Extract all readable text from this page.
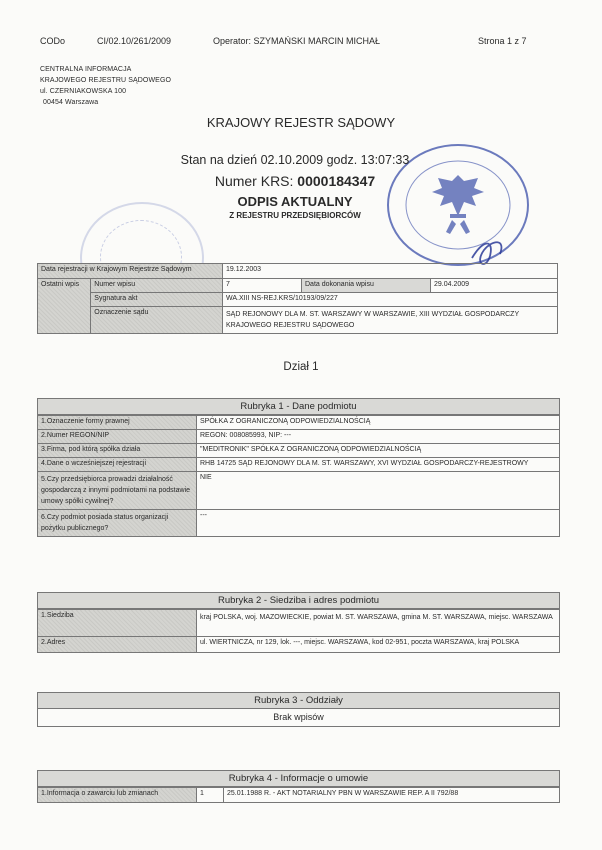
CODo	CI/02.10/261/2009	Operator: SZYMAŃSKI MARCIN MICHAŁ	Strona 1 z 7
CENTRALNA INFORMACJA
KRAJOWEGO REJESTRU SĄDOWEGO
ul. CZERNIAKOWSKA 100
00454 Warszawa
KRAJOWY REJESTR SĄDOWY
Stan na dzień 02.10.2009 godz. 13:07:33
Numer KRS: 0000184347
ODPIS AKTUALNY
Z REJESTRU PRZEDSIĘBIORCÓW
Data rejestracji w Krajowym Rejestrze Sądowym		19.12.2003		
Ostatni wpis	Numer wpisu	7	Data dokonania wpisu	29.04.2009
	Sygnatura akt	WA.XIII NS-REJ.KRS/10193/09/227		
	Oznaczenie sądu	SĄD REJONOWY DLA M. ST. WARSZAWY W WARSZAWIE, XIII WYDZIAŁ GOSPODARCZY KRAJOWEGO REJESTRU SĄDOWEGO		
Dział 1
Rubryka 1 - Dane podmiotu
1.Oznaczenie formy prawnej	SPÓŁKA Z OGRANICZONĄ ODPOWIEDZIALNOŚCIĄ
2.Numer REGON/NIP	REGON: 008085993, NIP: ---
3.Firma, pod którą spółka działa	"MEDITRONIK" SPÓŁKA Z OGRANICZONĄ ODPOWIEDZIALNOŚCIĄ
4.Dane o wcześniejszej rejestracji	RHB 14725 SĄD REJONOWY DLA M. ST. WARSZAWY, XVI WYDZIAŁ GOSPODARCZY-REJESTROWY
5.Czy przedsiębiorca prowadzi działalność gospodarczą z innymi podmiotami na podstawie umowy spółki cywilnej?	NIE
6.Czy podmiot posiada status organizacji pożytku publicznego?	---
Rubryka 2 - Siedziba i adres podmiotu
1.Siedziba	kraj POLSKA, woj. MAZOWIECKIE, powiat M. ST. WARSZAWA, gmina M. ST. WARSZAWA, miejsc. WARSZAWA
2.Adres	ul. WIERTNICZA, nr 129, lok. ---, miejsc. WARSZAWA, kod 02-951, poczta WARSZAWA, kraj POLSKA
Rubryka 3 - Oddziały
Brak wpisów
Rubryka 4 - Informacje o umowie
1.Informacja o zawarciu lub zmianach	1	25.01.1988 R. - AKT NOTARIALNY PBN W WARSZAWIE REP. A II 792/88
